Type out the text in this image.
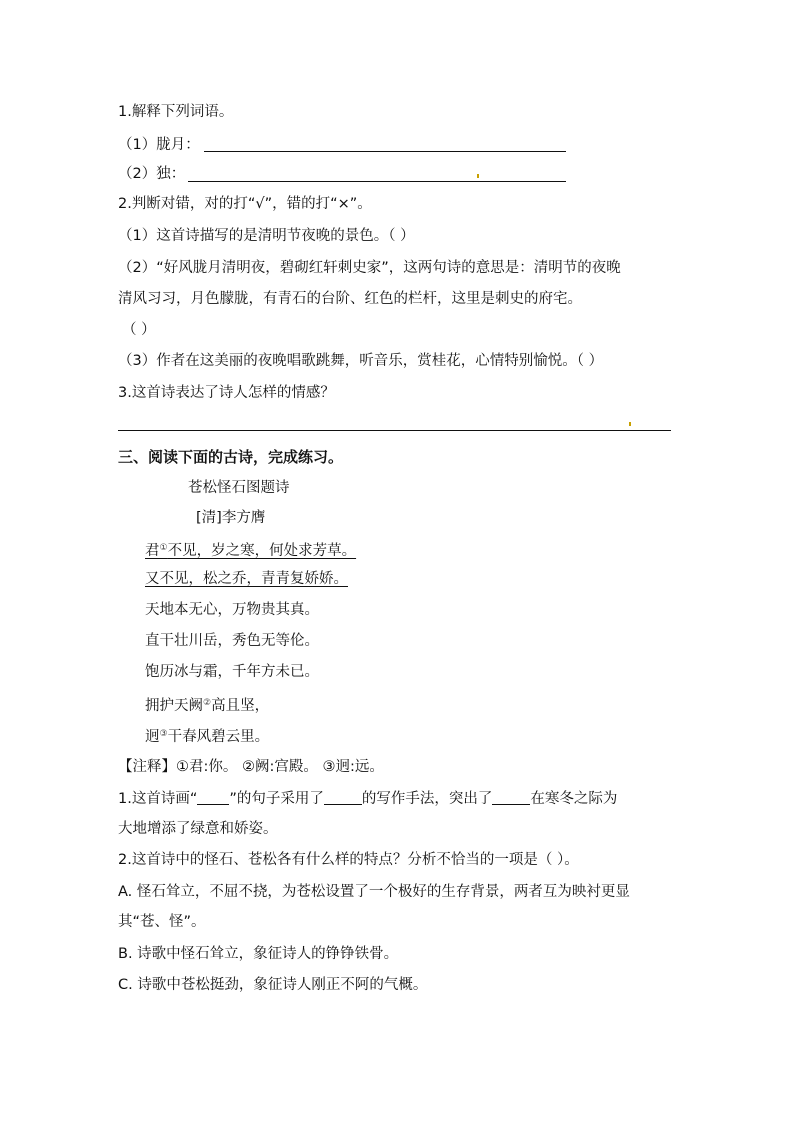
1.解释下列词语。
（1）胧月：
（2）独：
2.判断对错，对的打“√”，错的打“×”。
（1）这首诗描写的是清明节夜晚的景色。（ ）
（2）“好风胧月清明夜，碧砌红轩刺史家”，这两句诗的意思是：清明节的夜晚
清风习习，月色朦胧，有青石的台阶、红色的栏杆，这里是刺史的府宅。
（ ）
（3）作者在这美丽的夜晚唱歌跳舞，听音乐，赏桂花，心情特别愉悦。（ ）
3.这首诗表达了诗人怎样的情感？
三、阅读下面的古诗，完成练习。
苍松怪石图题诗
[清]李方膺
君①不见，岁之寒，何处求芳草。
又不见，松之乔，青青复娇娇。
天地本无心，万物贵其真。
直干壮川岳，秀色无等伦。
饱历冰与霜，千年方未已。
拥护天阙②高且坚，
迥③干春风碧云里。
【注释】①君:你。 ②阙:宫殿。 ③迥:远。
1.这首诗画“ ”的句子采用了	的写作手法，突出了	在寒冬之际为
大地增添了绿意和娇姿。
2.这首诗中的怪石、苍松各有什么样的特点？分析不恰当的一项是（ ）。
A. 怪石耸立，不屈不挠，为苍松设置了一个极好的生存背景，两者互为映衬更显
其“苍、怪”。
B. 诗歌中怪石耸立，象征诗人的铮铮铁骨。
C. 诗歌中苍松挺劲，象征诗人刚正不阿的气概。
